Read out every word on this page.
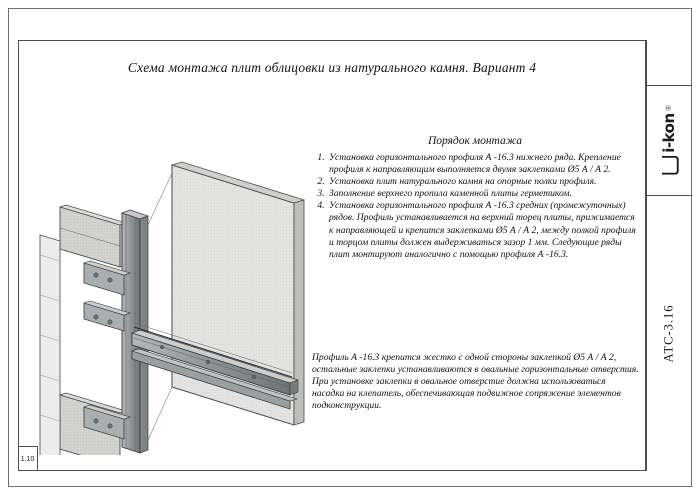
i-kon
®
АТС-3.16
1.10
Схема монтажа плит облицовки из натурального камня. Вариант 4
Порядок монтажа
1. Установка горизонтального профиля А -16.3 нижнего ряда. Крепление профиля к направляющим выполняется двумя заклепками Ø5 А / А 2.
2. Установка плит натурального камня на опорные полки профиля.
3. Заполнение верхнего пропила каменной плиты герметиком.
4. Установка горизонтального профиля А -16.3 средних (промежуточных) рядов. Профиль устанавливается на верхний торец плиты, прижимается к направляющей и крепится заклепками Ø5 А / А 2, между полкой профиля и торцом плиты должен выдерживаться зазор 1 мм. Следующие ряды плит монтируют аналогично с помощью профиля А -16.3.
Профиль А -16.3 крепится жестко с одной стороны заклепкой Ø5 А / А 2, остальные заклепки устанавливаются в овальные горизонтальные отверстия.
При установке заклепки в овальное отверстие должна использоваться насадка на клепатель, обеспечивающая подвижное сопряжение элементов подконструкции.
